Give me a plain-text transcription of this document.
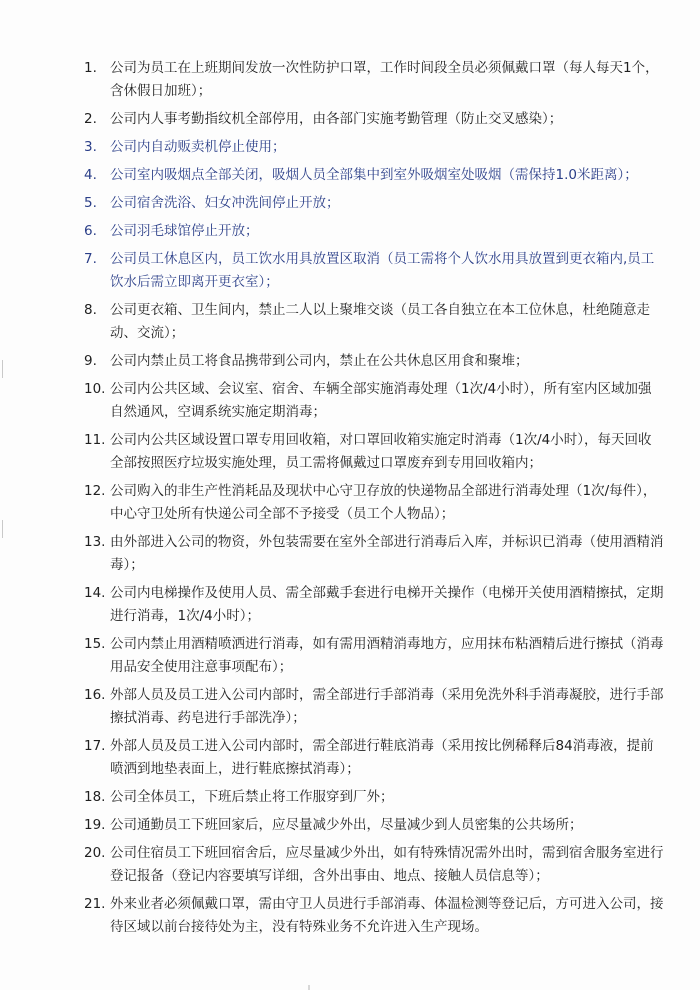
1. 公司为员工在上班期间发放一次性防护口罩，工作时间段全员必须佩戴口罩（每人每天1个，含休假日加班）；
2. 公司内人事考勤指纹机全部停用，由各部门实施考勤管理（防止交叉感染）；
3. 公司内自动贩卖机停止使用；
4. 公司室内吸烟点全部关闭，吸烟人员全部集中到室外吸烟室处吸烟（需保持1.0米距离）；
5. 公司宿舍洗浴、妇女冲洗间停止开放；
6. 公司羽毛球馆停止开放；
7. 公司员工休息区内，员工饮水用具放置区取消（员工需将个人饮水用具放置到更衣箱内,员工饮水后需立即离开更衣室）；
8. 公司更衣箱、卫生间内，禁止二人以上聚堆交谈（员工各自独立在本工位休息，杜绝随意走动、交流）；
9. 公司内禁止员工将食品携带到公司内，禁止在公共休息区用食和聚堆；
10. 公司内公共区域、会议室、宿舍、车辆全部实施消毒处理（1次/4小时），所有室内区域加强自然通风，空调系统实施定期消毒；
11. 公司内公共区域设置口罩专用回收箱，对口罩回收箱实施定时消毒（1次/4小时），每天回收全部按照医疗垃圾实施处理，员工需将佩戴过口罩废弃到专用回收箱内；
12. 公司购入的非生产性消耗品及现状中心守卫存放的快递物品全部进行消毒处理（1次/每件），中心守卫处所有快递公司全部不予接受（员工个人物品）；
13. 由外部进入公司的物资，外包装需要在室外全部进行消毒后入库，并标识已消毒（使用酒精消毒）；
14. 公司内电梯操作及使用人员、需全部戴手套进行电梯开关操作（电梯开关使用酒精擦拭，定期进行消毒，1次/4小时）；
15. 公司内禁止用酒精喷洒进行消毒，如有需用酒精消毒地方，应用抹布粘酒精后进行擦拭（消毒用品安全使用注意事项配布）；
16. 外部人员及员工进入公司内部时，需全部进行手部消毒（采用免洗外科手消毒凝胶，进行手部擦拭消毒、药皂进行手部洗净）；
17. 外部人员及员工进入公司内部时，需全部进行鞋底消毒（采用按比例稀释后84消毒液，提前喷洒到地垫表面上，进行鞋底擦拭消毒）；
18. 公司全体员工，下班后禁止将工作服穿到厂外；
19. 公司通勤员工下班回家后，应尽量减少外出，尽量减少到人员密集的公共场所；
20. 公司住宿员工下班回宿舍后，应尽量减少外出，如有特殊情况需外出时，需到宿舍服务室进行登记报备（登记内容要填写详细，含外出事由、地点、接触人员信息等）；
21. 外来业者必须佩戴口罩，需由守卫人员进行手部消毒、体温检测等登记后，方可进入公司，接待区域以前台接待处为主，没有特殊业务不允许进入生产现场。
